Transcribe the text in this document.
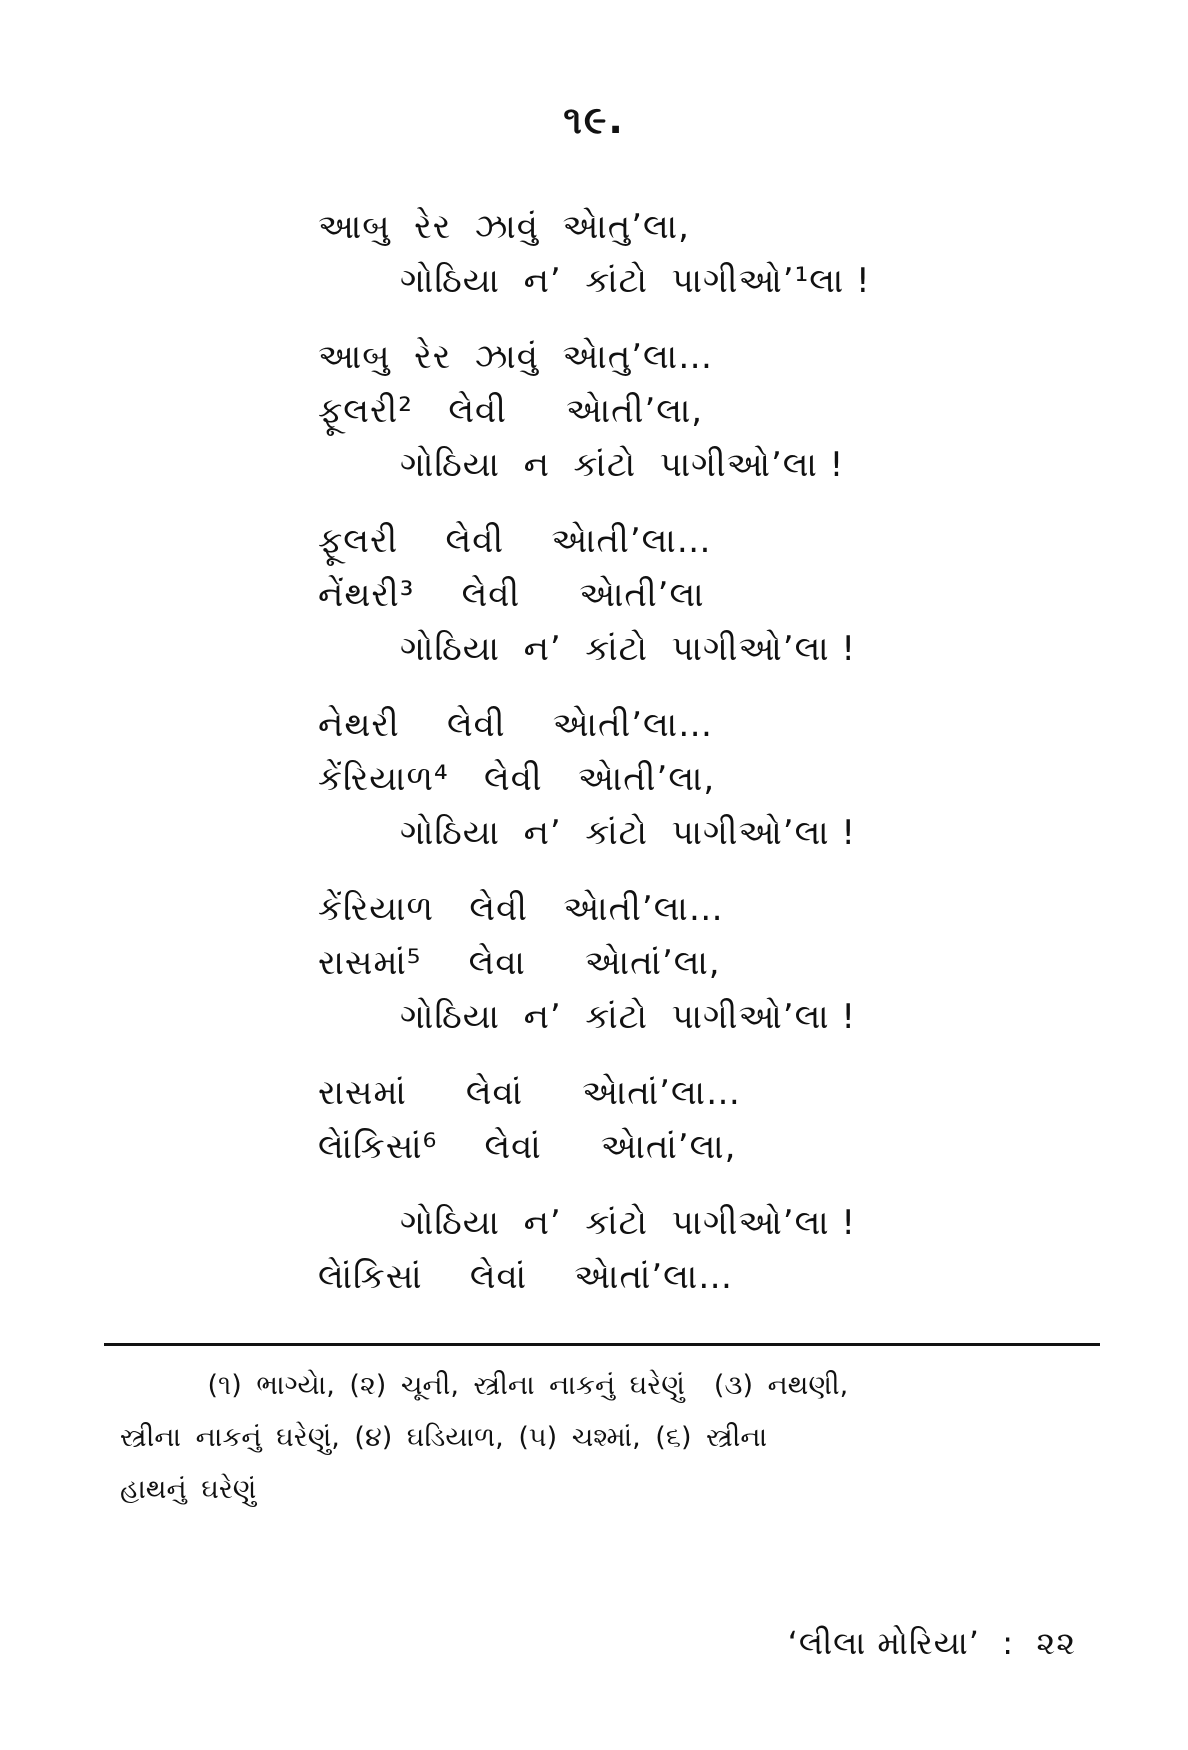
૧૯.
આબુ  રેર  ઝાવું  એાતુ’લા,
ગોઠિયા  ન’  કાંટો  પાગીઓ’¹લા !
આબુ  રેર  ઝાવું  એાતુ’લા…
ફૂલરી²   લેવી     એાતી’લા,
ગોઠિયા  ન  કાંટો  પાગીઓ’લા !
ફૂલરી    લેવી    એાતી’લા…
નેંથરી³    લેવી     એાતી’લા
ગોઠિયા  ન’  કાંટો  પાગીઓ’લા !
નેથરી    લેવી    એાતી’લા…
કેંરિયાળ⁴   લેવી   એાતી’લા,
ગોઠિયા  ન’  કાંટો  પાગીઓ’લા !
કેંરિયાળ   લેવી   એાતી’લા…
રાસમાં⁵    લેવા     એાતાં’લા,
ગોઠિયા  ન’  કાંટો  પાગીઓ’લા !
રાસમાં     લેવાં     એાતાં’લા…
લેાંકિસાં⁶    લેવાં     એાતાં’લા,
ગોઠિયા  ન’  કાંટો  પાગીઓ’લા !
લેાંકિસાં    લેવાં    એાતાં’લા…
(૧) ભાગ્યેા, (૨) ચૂની, સ્ત્રીના નાકનું ઘરેણું  (૩) નથણી,
સ્ત્રીના નાકનું ઘરેણું, (૪) ઘડિયાળ, (૫) ચશ્માં, (૬) સ્ત્રીના
હાથનું ઘરેણું
‘લીલા મોરિયા’ : ૨૨
